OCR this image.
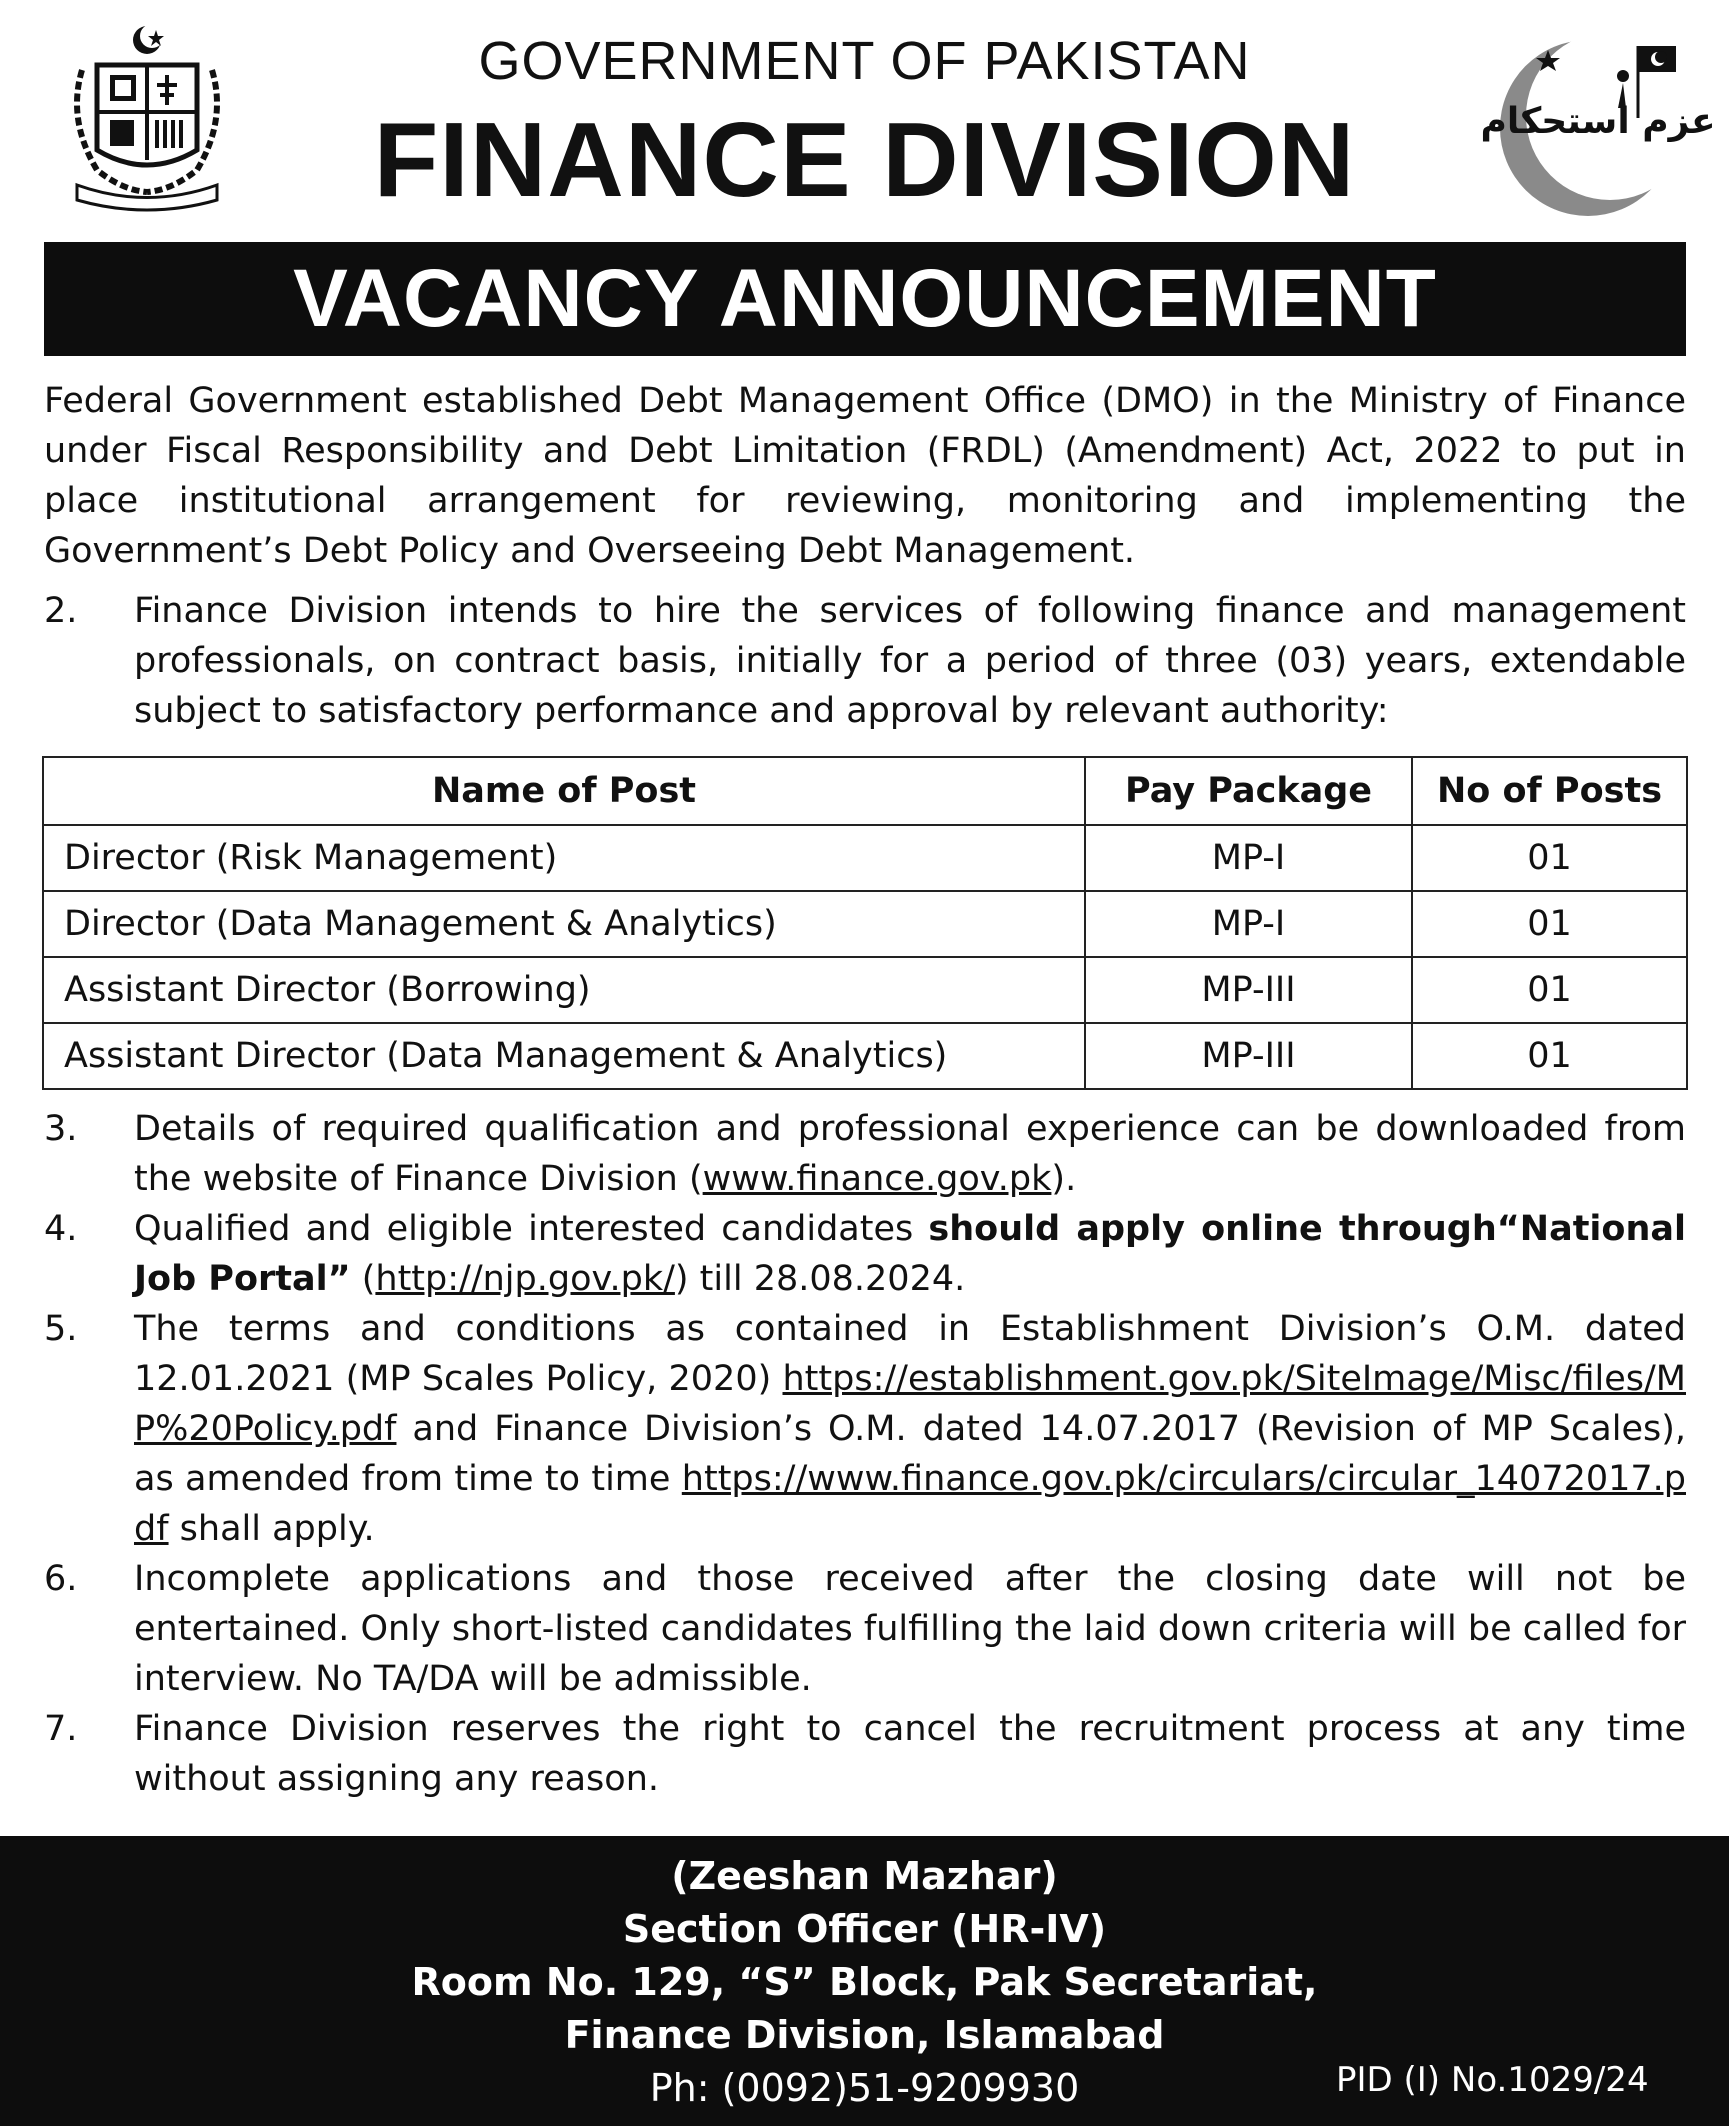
GOVERNMENT OF PAKISTAN
FINANCE DIVISION	عزم استحکام
VACANCY ANNOUNCEMENT

Federal Government established Debt Management Office (DMO) in the Ministry of Finance under Fiscal Responsibility and Debt Limitation (FRDL) (Amendment) Act, 2022 to put in place institutional arrangement for reviewing, monitoring and implementing the Government’s Debt Policy and Overseeing Debt Management.

2.	Finance Division intends to hire the services of following finance and management professionals, on contract basis, initially for a period of three (03) years, extendable subject to satisfactory performance and approval by relevant authority:
Name of Post	Pay Package	No of Posts
Director (Risk Management)	MP-I	01
Director (Data Management & Analytics)	MP-I	01
Assistant Director (Borrowing)	MP-III	01
Assistant Director (Data Management & Analytics)	MP-III	01
3.	Details of required qualification and professional experience can be downloaded from the website of Finance Division (www.finance.gov.pk).
4.	Qualified and eligible interested candidates should apply online through“National Job Portal” (http://njp.gov.pk/) till 28.08.2024.
5.	The terms and conditions as contained in Establishment Division’s O.M. dated 12.01.2021 (MP Scales Policy, 2020) https://establishment.gov.pk/SiteImage/Misc/files/MP%20Policy.pdf and Finance Division’s O.M. dated 14.07.2017 (Revision of MP Scales), as amended from time to time https://www.finance.gov.pk/circulars/circular_14072017.pdf shall apply.
6.	Incomplete applications and those received after the closing date will not be entertained. Only short-listed candidates fulfilling the laid down criteria will be called for interview. No TA/DA will be admissible.
7.	Finance Division reserves the right to cancel the recruitment process at any time without assigning any reason.
(Zeeshan Mazhar)
Section Officer (HR-IV)
Room No. 129, “S” Block, Pak Secretariat,
Finance Division, Islamabad
Ph: (0092)51-9209930	PID (I) No.1029/24
